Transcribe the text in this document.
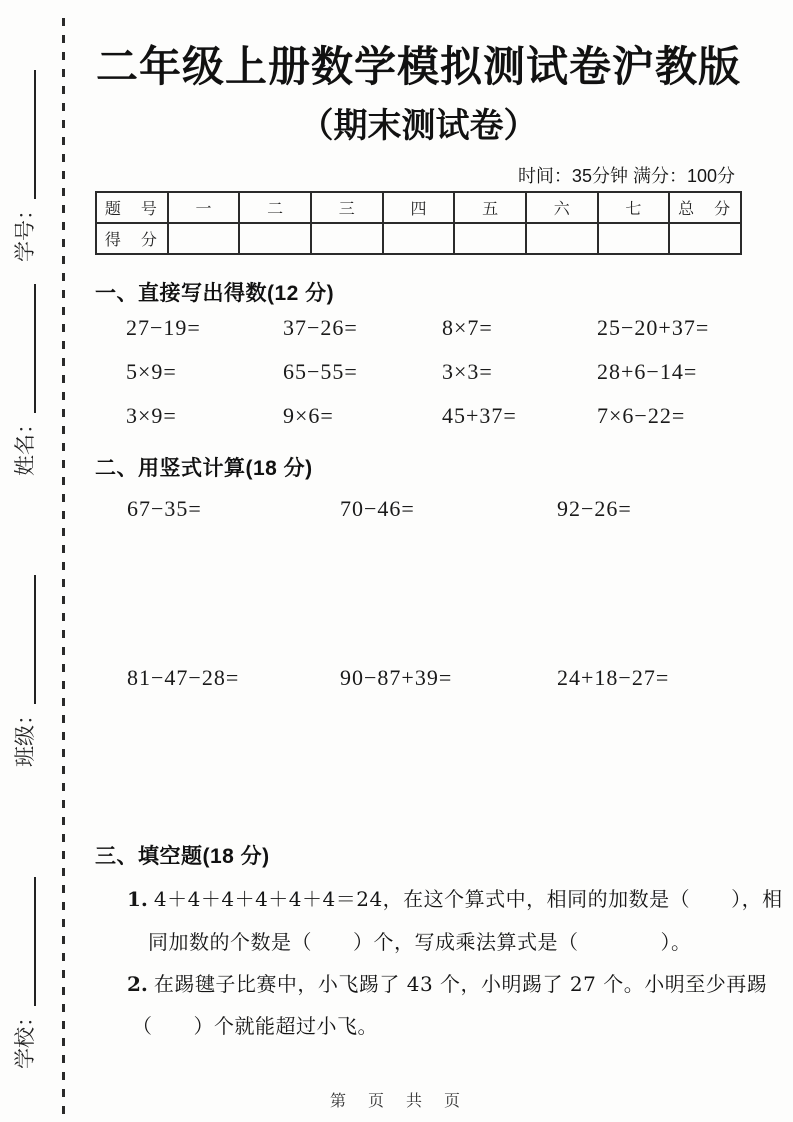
学号：
姓名：
班级：
学校：
二年级上册数学模拟测试卷沪教版
（期末测试卷）
时间：35分钟 满分：100分
题　号	一	二	三	四	五	六	七	总　分
得　分								
一、直接写出得数(12 分)
27−19=	37−26=	8×7=	25−20+37=
5×9=	65−55=	3×3=	28+6−14=
3×9=	9×6=	45+37=	7×6−22=
二、用竖式计算(18 分)
67−35=	70−46=	92−26=
81−47−28=	90−87+39=	24+18−27=
三、填空题(18 分)
1. 4＋4＋4＋4＋4＋4＝24，在这个算式中，相同的加数是（　　），相
同加数的个数是（　　）个，写成乘法算式是（　　　　）。
2. 在踢毽子比赛中，小飞踢了 43 个，小明踢了 27 个。小明至少再踢
（　　）个就能超过小飞。
第　页　共　页
